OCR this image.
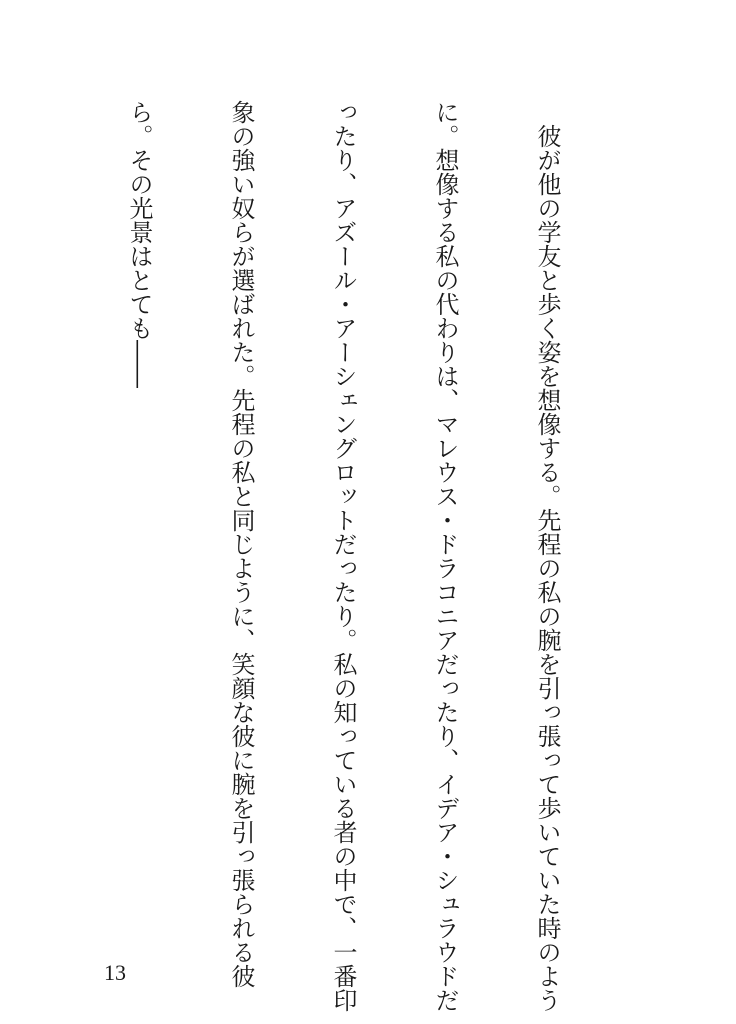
　彼が他の学友と歩く姿を想像する。先程の私の腕を引っ張って歩いていた時のよう

に。想像する私の代わりは、マレウス・ドラコニアだったり、イデア・シュラウドだ

ったり、アズール・アーシェングロットだったり。私の知っている者の中で、一番印

象の強い奴らが選ばれた。先程の私と同じように、笑顔な彼に腕を引っ張られる彼

ら。その光景はとても――

13
